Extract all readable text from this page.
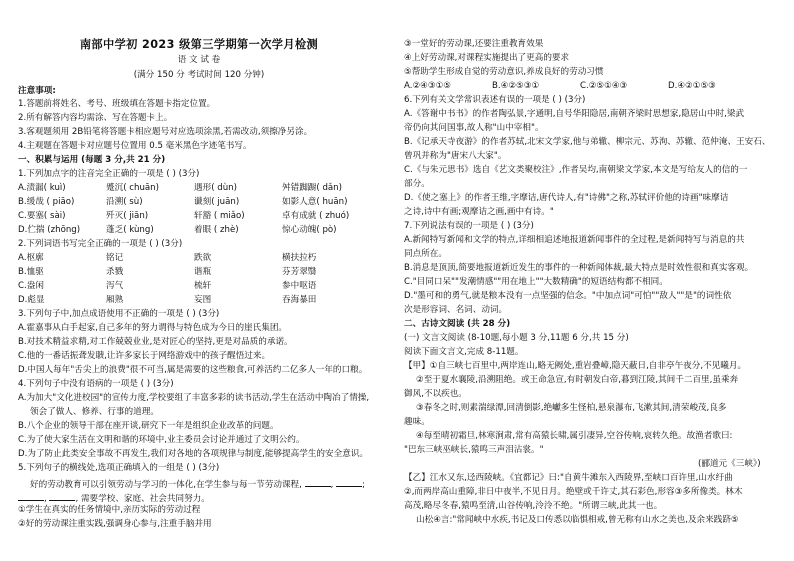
南部中学初 2023 级第三学期第一次学月检测
语 文 试 卷
(满分 150 分 考试时间 120 分钟)
注意事项:
1.答题前将姓名、考号、班级填在答题卡指定位置。
2.所有解答内容均需涂、写在答题卡上。
3.客观题须用 2B铅笔将答题卡相应题号对应选项涂黑,若需改动,须擦净另涂。
4.主观题在答题卡对应题号位置用 0.5 毫米黑色字迹笔书写。
一、积累与运用 (每题 3 分,共 21 分)
1.下列加点字的注音完全正确的一项是 ( ) (3分)
A.渍漏( kuì)	蹙沉( chuān)	遇形( dùn)	舛错踟蹰( dǎn)
B.缓哉 ( piāo)	沿溯( sù)	谶刻( juān)	如影人意( huān)
C.要塞( sài)	歼灭( jiān)	轩豁 ( miǎo)	卓有成就 ( zhuó)
D.伫揣 (zhōng)	蓬乏( kùng)	着眼 ( zhè)	惊心动魄( pò)
2.下列词语书写完全正确的一项是 ( ) (3分)
A.枢廓	铭记	跌欲	横扶拉朽
B.恤驱	杀戮	谐瓶	芬芳翠翳
C.盎闲	泻气	梳轩	参中呕语
D.彪显	厢熟	妄图	吞海暴田
3.下列句子中,加点成语使用不正确的一项是 ( ) (3分)
A.霍嘉事从白手起家,自己多年的努力谓得与特色成为今日的崖氏集团。
B.对技术精益求精,对工作兢兢业业,是对匠心的坚持,更是对品质的承诺。
C.他的一番话振聋发聩,让许多家长于网络游戏中的孩子醒悟过来。
D.中国人每年"舌尖上的浪费"很不可当,属是需要的这些粮食,可养活约二亿多人一年的口粮。
4.下列句子中没有语病的一项是 ( ) (3分)
A.为加大"文化进校园"的宣传力度,学校要组了丰富多彩的读书活动,学生在活动中陶冶了情操,
领会了做人、修养、行事的道理。
B.八个企业的领导干部在座开谈,研究下一年是组织企业改革的问题。
C.为了使大家生活在文明和谐的环境中,业主委员会讨论并通过了文明公约。
D.为了防止此类安全事故不再发生,我们对各地的各项规律与制度,能够提高学生的安全意识。
5.下列句子的横线处,选项正确填入的一组是 ( ) (3分)
好的劳动教育可以引领劳动与学习的一体化,在学生参与每一节劳动课程,	,	;
,	, 需要学校、家庭、社会共同努力。
①学生在真实的任务情境中,亲历实际的劳动过程
②好的劳动课注重实践,强调身心参与,注重手脑并用
③一堂好的劳动课,还要注重教育效果
④上好劳动课,对课程实施提出了更高的要求
⑤帮助学生形成自觉的劳动意识,养成良好的劳动习惯
A.②④③①⑤	B.④②⑤③①	C.②⑤①④③	D.④②①⑤③
6.下列有关文学常识表述有误的一项是 ( ) (3分)
A.《答谢中书书》的作者陶弘景,字通明,自号华阳隐居,南朝齐梁时思想家,隐居山中时,梁武
帝仍向其问国事,故人称"山中宰相"。
B.《记承天寺夜游》的作者苏轼,北宋文学家,他与弟辙、柳宗元、苏洵、苏辙、范仲淹、王安石、
曾巩并称为"唐宋八大家"。
C.《与朱元思书》选自《艺文类聚校注》,作者吴均,南朝梁文学家,本文是写给友人的信的一
部分。
D.《使之塞上》的作者王维,字摩诘,唐代诗人,有"诗佛"之称,苏轼评价他的诗画"味摩诘
之诗,诗中有画;观摩诘之画,画中有诗。"
7.下列说法有误的一项是 ( ) (3分)
A.新闻特写新闻和文学的特点,详细相追述地报道新闻事件的全过程,是新闻特写与消息的共
同点所在。
B.消息是顶顶,简要地报道新近发生的事件的一种新闻体裁,最大特点是时效性很和真实客观。
C."目同口呆""发潮情感""用在地上""大数精确"的短语结构都不相同。
D."墨可和的勇气,就是粮本没有一点坚强的信念。"中加点词"可怕""敌人""是"的词性依
次是形容词、名词、动词。
二、古诗文阅读 (共 28 分)
(一) 文言文阅读 (8-10题,每小题 3 分,11题 6 分,共 15 分)
阅读下面文言文,完成 8-11题。
【甲】①自三峡七百里中,两岸连山,略无阙处,重岩叠嶂,隐天蔽日,自非亭午夜分,不见曦月。
②至于夏水襄陵,沿溯阻绝。或王命急宣,有时朝发白帝,暮到江陵,其间千二百里,虽乘奔
御风,不以疾也。
③春冬之时,则素湍绿潭,回清倒影,绝巘多生怪柏,悬泉瀑布,飞漱其间,清荣峻茂,良多
趣味。
④每至晴初霜旦,林寒涧肃,常有高猿长啸,属引凄异,空谷传响,哀转久绝。故渔者歌曰:
"巴东三峡巫峡长,猿鸣三声泪沾裳。"
(郦道元《三峡》)
【乙】江水又东,迳西陵峡。《宜都记》曰:"自黄牛滩东入西陵界,至峡口百许里,山水纡曲
②,而两岸高山重障,非日中夜半,不见日月。绝壁或千许丈,其石彩色,形容③多所像类。林木
高茂,略尽冬春,猿鸣至清,山谷传响,泠泠不绝。"所谓三峡,此其一也。
山松④言:"常闻峡中水疾,书记及口传悉以临惧相戒,曾无称有山水之美也,及余来践跻⑤
